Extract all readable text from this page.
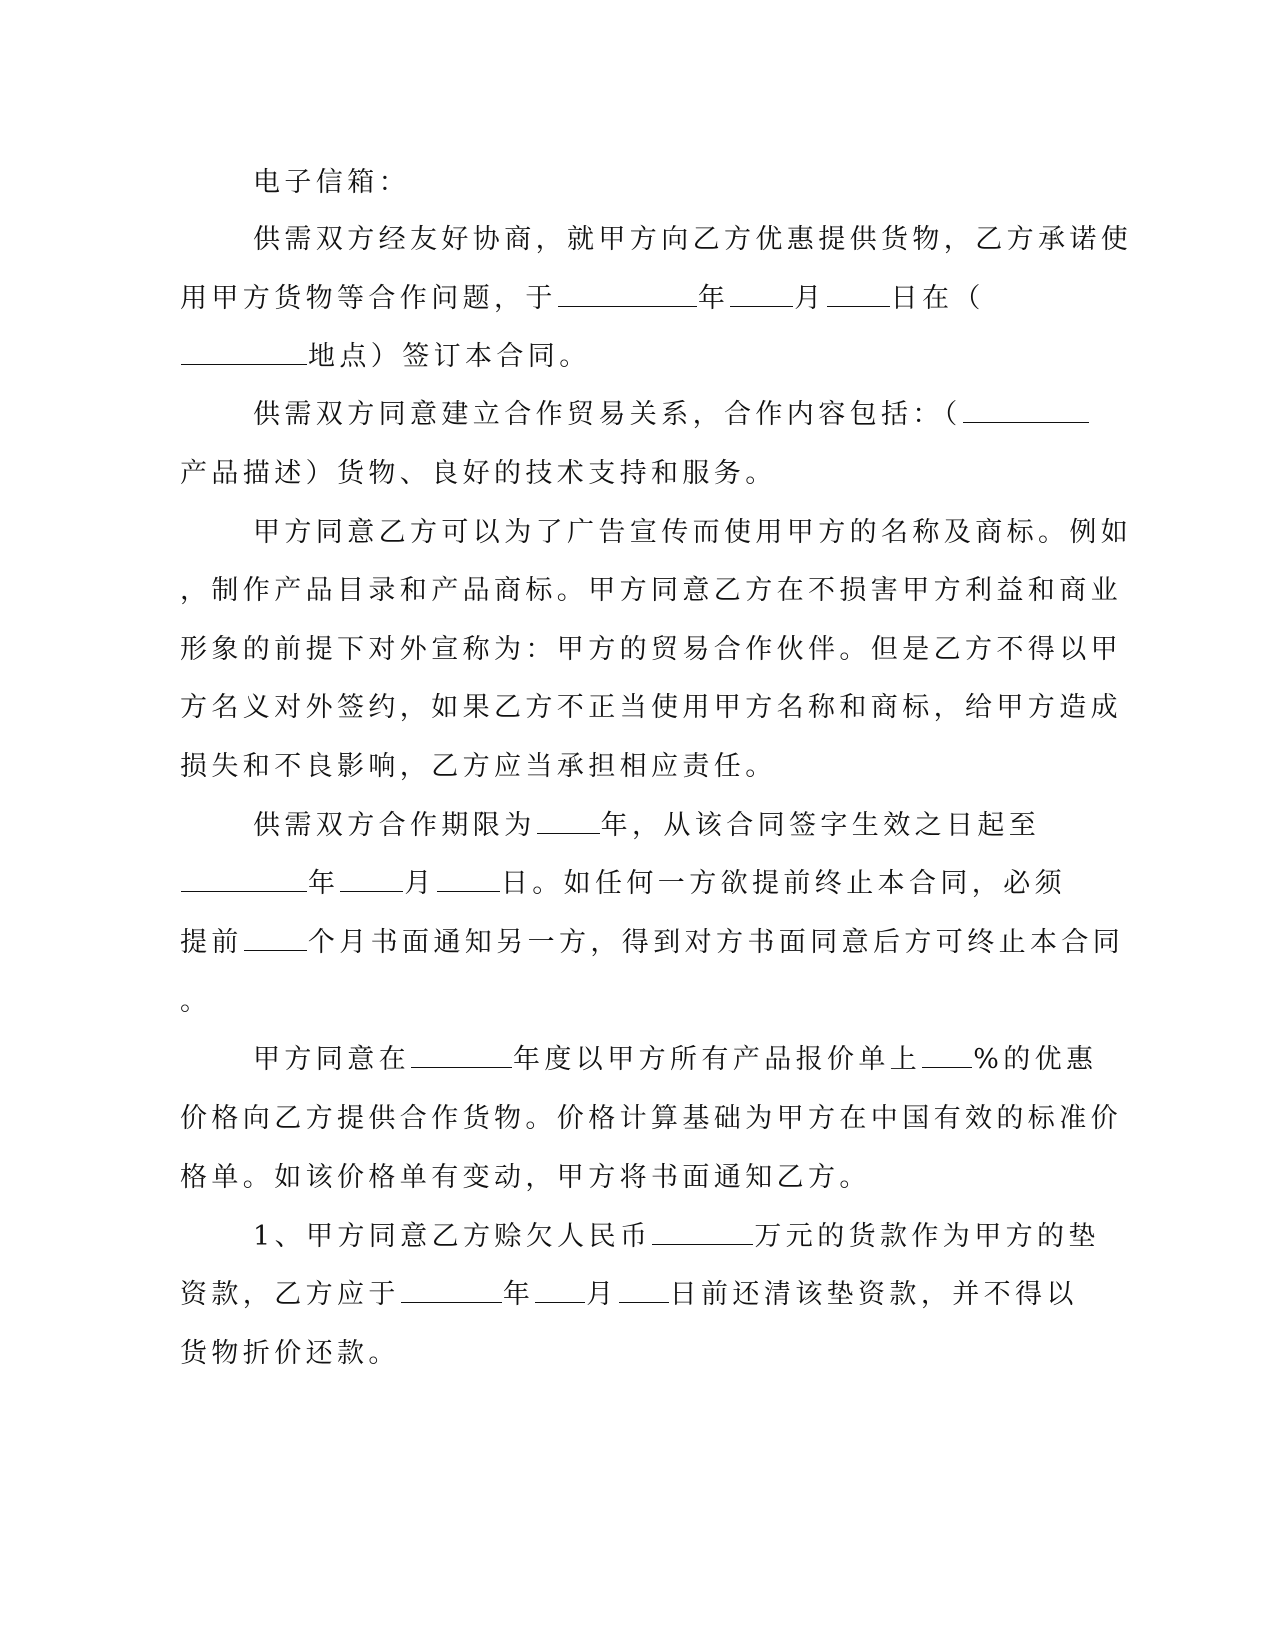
电子信箱：
供需双方经友好协商，就甲方向乙方优惠提供货物，乙方承诺使
用甲方货物等合作问题，于	年 月 日在（
地点）签订本合同。
供需双方同意建立合作贸易关系，合作内容包括：（
产品描述）货物、良好的技术支持和服务。
甲方同意乙方可以为了广告宣传而使用甲方的名称及商标。例如
，制作产品目录和产品商标。甲方同意乙方在不损害甲方利益和商业
形象的前提下对外宣称为：甲方的贸易合作伙伴。但是乙方不得以甲
方名义对外签约，如果乙方不正当使用甲方名称和商标，给甲方造成
损失和不良影响，乙方应当承担相应责任。
供需双方合作期限为 年，从该合同签字生效之日起至
年 月 日。如任何一方欲提前终止本合同，必须
提前 个月书面通知另一方，得到对方书面同意后方可终止本合同
。
甲方同意在	年度以甲方所有产品报价单上 %的优惠
价格向乙方提供合作货物。价格计算基础为甲方在中国有效的标准价
格单。如该价格单有变动，甲方将书面通知乙方。
1、甲方同意乙方赊欠人民币	万元的货款作为甲方的垫
资款，乙方应于	年 月 日前还清该垫资款，并不得以
货物折价还款。
